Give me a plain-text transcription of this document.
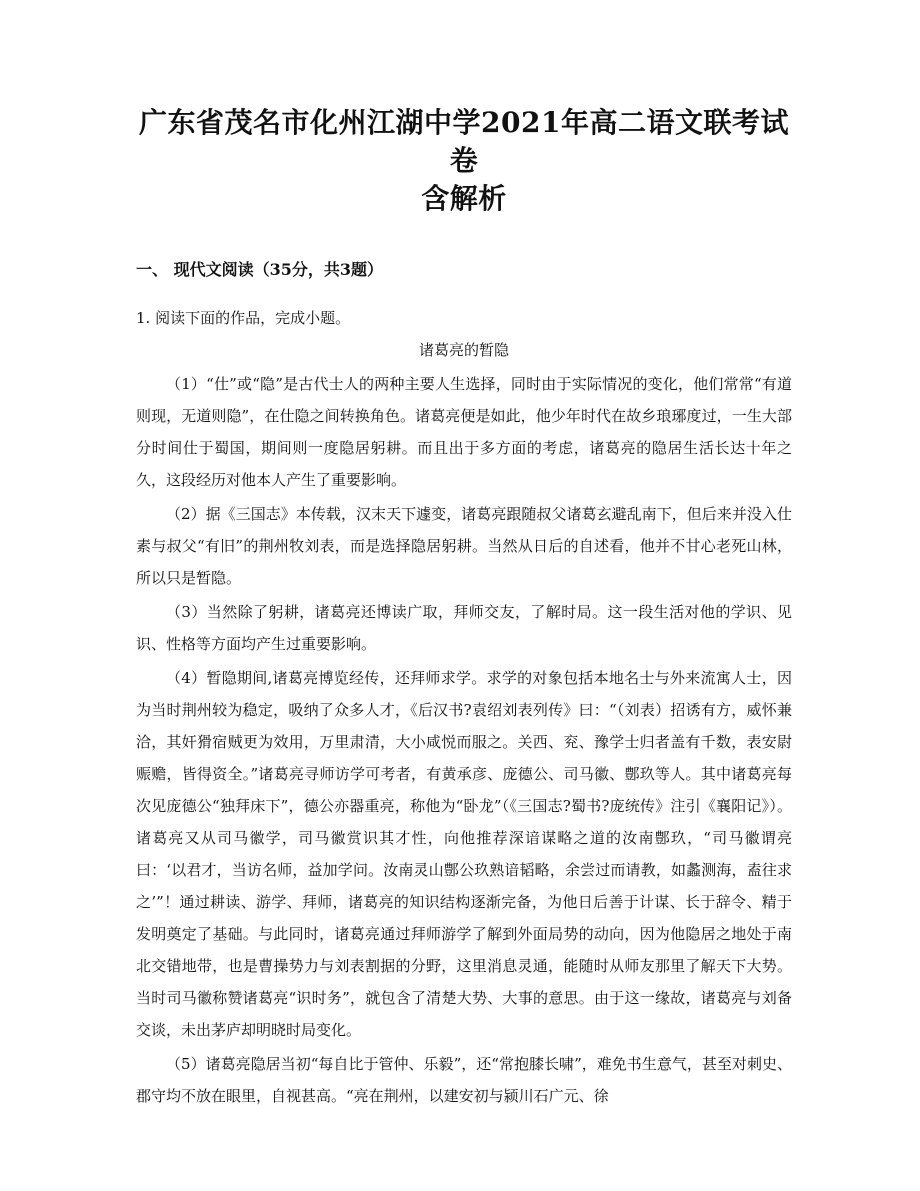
广东省茂名市化州江湖中学2021年高二语文联考试卷
含解析
一、 现代文阅读（35分，共3题）
1. 阅读下面的作品，完成小题。
诸葛亮的暂隐

（1）“仕”或“隐”是古代士人的两种主要人生选择，同时由于实际情况的变化，他们常常“有道则现，无道则隐”，在仕隐之间转换角色。诸葛亮便是如此，他少年时代在故乡琅琊度过，一生大部分时间仕于蜀国，期间则一度隐居躬耕。而且出于多方面的考虑，诸葛亮的隐居生活长达十年之久，这段经历对他本人产生了重要影响。

（2）据《三国志》本传载，汉末天下遽变，诸葛亮跟随叔父诸葛玄避乱南下，但后来并没入仕素与叔父“有旧”的荆州牧刘表，而是选择隐居躬耕。当然从日后的自述看，他并不甘心老死山林，所以只是暂隐。

（3）当然除了躬耕，诸葛亮还博读广取，拜师交友，了解时局。这一段生活对他的学识、见识、性格等方面均产生过重要影响。

（4）暂隐期间,诸葛亮博览经传，还拜师求学。求学的对象包括本地名士与外来流寓人士，因为当时荆州较为稳定，吸纳了众多人才，《后汉书?袁绍刘表列传》曰：“（刘表）招诱有方，威怀兼洽，其奸猾宿贼更为效用，万里肃清，大小咸悦而服之。关西、兖、豫学士归者盖有千数，表安尉赈赡，皆得资全。”诸葛亮寻师访学可考者，有黄承彦、庞德公、司马徽、鄷玖等人。其中诸葛亮每次见庞德公“独拜床下”，德公亦器重亮，称他为“卧龙”（《三国志?蜀书?庞统传》注引《襄阳记》）。诸葛亮又从司马徽学，司马徽赏识其才性，向他推荐深谙谋略之道的汝南鄷玖，“司马徽谓亮曰：‘以君才，当访名师，益加学问。汝南灵山鄷公玖熟谙韬略，余尝过而请教，如蠡测海，盍往求之’”！通过耕读、游学、拜师，诸葛亮的知识结构逐渐完备，为他日后善于计谋、长于辞令、精于发明奠定了基础。与此同时，诸葛亮通过拜师游学了解到外面局势的动向，因为他隐居之地处于南北交错地带，也是曹操势力与刘表割据的分野，这里消息灵通，能随时从师友那里了解天下大势。当时司马徽称赞诸葛亮“识时务”，就包含了清楚大势、大事的意思。由于这一缘故，诸葛亮与刘备交谈，未出茅庐却明晓时局变化。

（5）诸葛亮隐居当初“每自比于管仲、乐毅”，还“常抱膝长啸”，难免书生意气，甚至对刺史、郡守均不放在眼里，自视甚高。“亮在荆州，以建安初与颍川石广元、徐
